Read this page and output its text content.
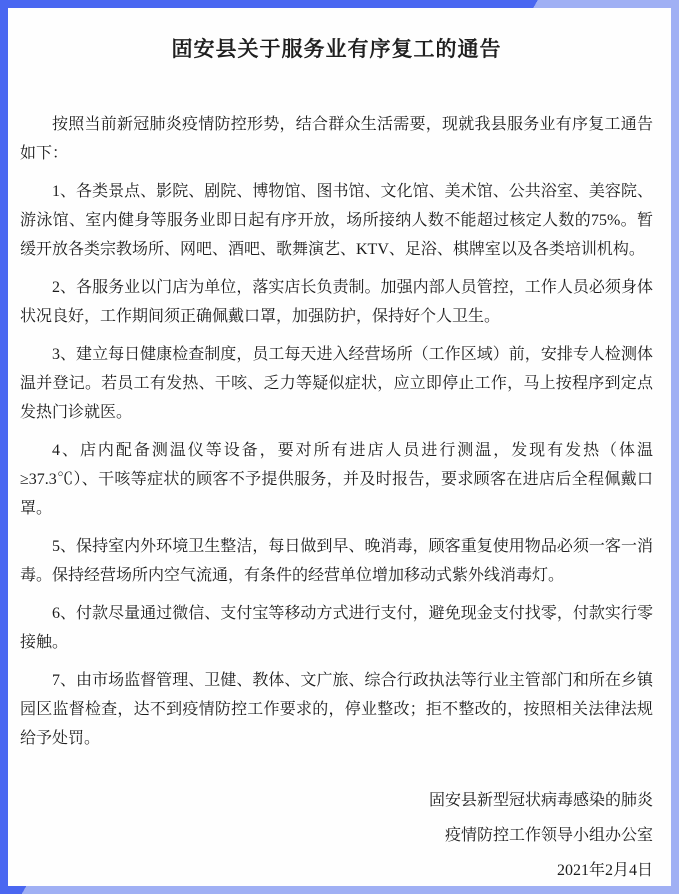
固安县关于服务业有序复工的通告

按照当前新冠肺炎疫情防控形势，结合群众生活需要，现就我县服务业有序复工通告如下：

1、各类景点、影院、剧院、博物馆、图书馆、文化馆、美术馆、公共浴室、美容院、游泳馆、室内健身等服务业即日起有序开放，场所接纳人数不能超过核定人数的75%。暂缓开放各类宗教场所、网吧、酒吧、歌舞演艺、KTV、足浴、棋牌室以及各类培训机构。

2、各服务业以门店为单位，落实店长负责制。加强内部人员管控，工作人员必须身体状况良好，工作期间须正确佩戴口罩，加强防护，保持好个人卫生。

3、建立每日健康检查制度，员工每天进入经营场所（工作区域）前，安排专人检测体温并登记。若员工有发热、干咳、乏力等疑似症状，应立即停止工作，马上按程序到定点发热门诊就医。

4、店内配备测温仪等设备，要对所有进店人员进行测温，发现有发热（体温≥37.3℃）、干咳等症状的顾客不予提供服务，并及时报告，要求顾客在进店后全程佩戴口罩。

5、保持室内外环境卫生整洁，每日做到早、晚消毒，顾客重复使用物品必须一客一消毒。保持经营场所内空气流通，有条件的经营单位增加移动式紫外线消毒灯。

6、付款尽量通过微信、支付宝等移动方式进行支付，避免现金支付找零，付款实行零接触。

7、由市场监督管理、卫健、教体、文广旅、综合行政执法等行业主管部门和所在乡镇园区监督检查，达不到疫情防控工作要求的，停业整改；拒不整改的，按照相关法律法规给予处罚。

固安县新型冠状病毒感染的肺炎
疫情防控工作领导小组办公室
2021年2月4日
